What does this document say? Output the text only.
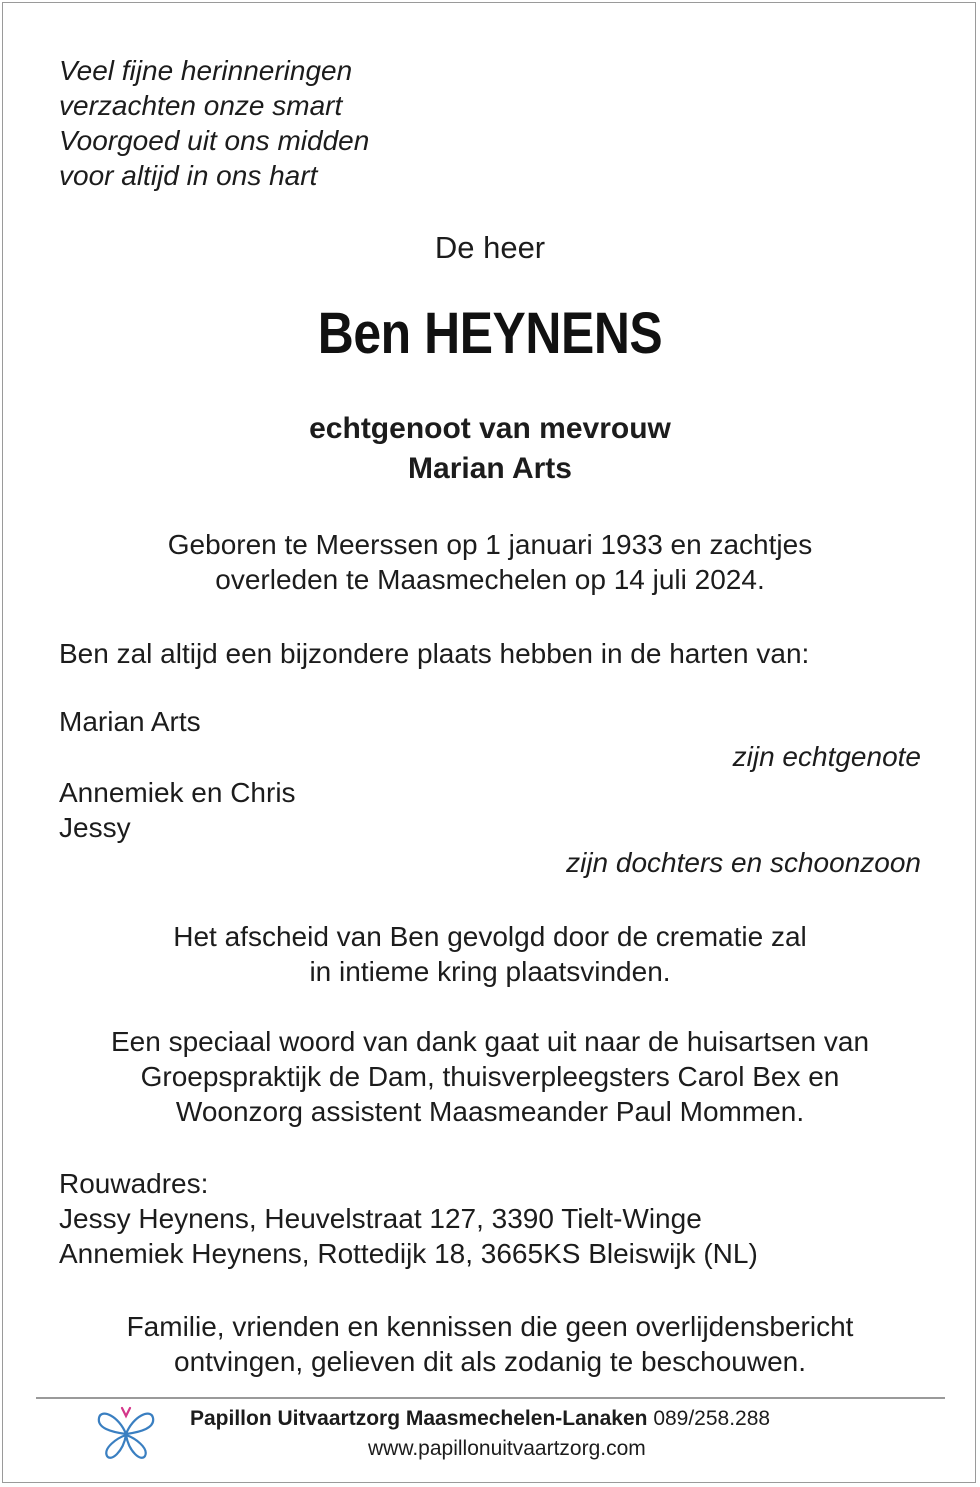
Veel fijne herinneringen
verzachten onze smart
Voorgoed uit ons midden
voor altijd in ons hart
De heer
Ben HEYNENS
echtgenoot van mevrouw
Marian Arts
Geboren te Meerssen op 1 januari 1933 en zachtjes
overleden te Maasmechelen op 14 juli 2024.
Ben zal altijd een bijzondere plaats hebben in de harten van:
Marian Arts
zijn echtgenote
Annemiek en Chris
Jessy
zijn dochters en schoonzoon
Het afscheid van Ben gevolgd door de crematie zal
in intieme kring plaatsvinden.
Een speciaal woord van dank gaat uit naar de huisartsen van
Groepspraktijk de Dam, thuisverpleegsters Carol Bex en
Woonzorg assistent Maasmeander Paul Mommen.
Rouwadres:
Jessy Heynens, Heuvelstraat 127, 3390 Tielt-Winge
Annemiek Heynens, Rottedijk 18, 3665KS Bleiswijk (NL)
Familie, vrienden en kennissen die geen overlijdensbericht
ontvingen, gelieven dit als zodanig te beschouwen.
Papillon Uitvaartzorg Maasmechelen-Lanaken 089/258.288
www.papillonuitvaartzorg.com
